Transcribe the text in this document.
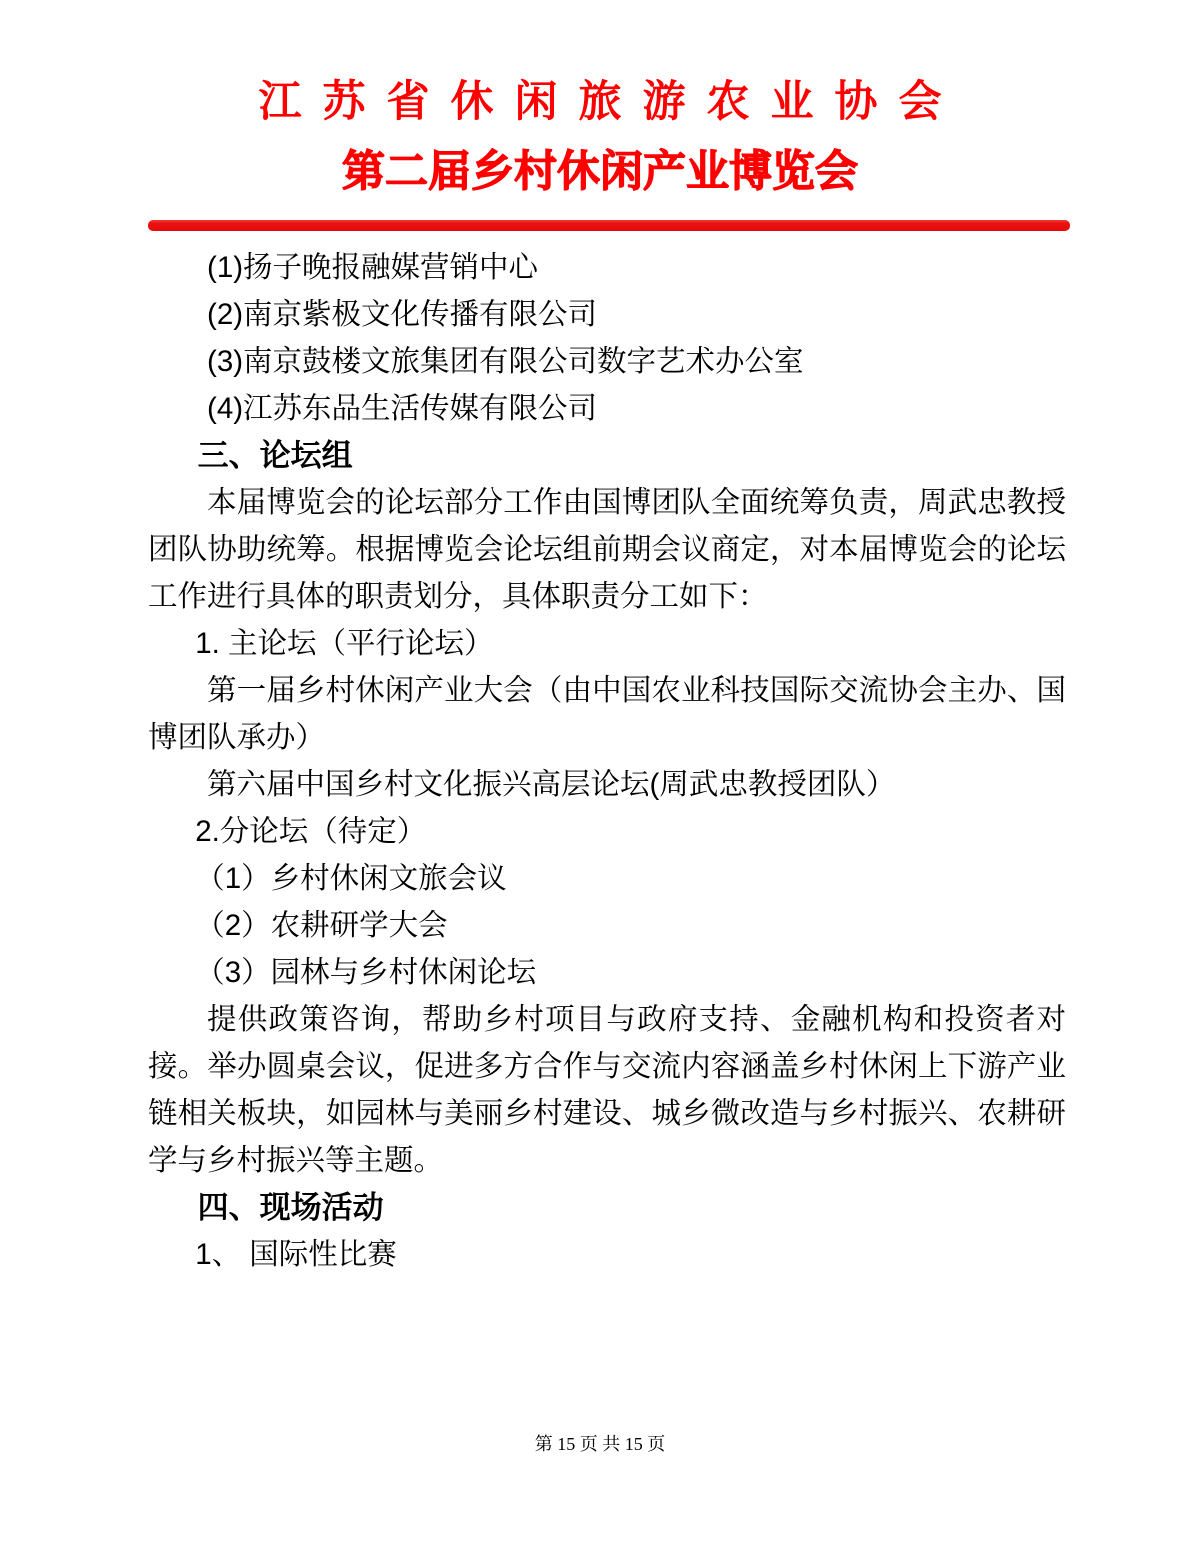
江苏省休闲旅游农业协会
第二届乡村休闲产业博览会

(1)扬子晚报融媒营销中心

(2)南京紫极文化传播有限公司

(3)南京鼓楼文旅集团有限公司数字艺术办公室

(4)江苏东品生活传媒有限公司

三、论坛组

本届博览会的论坛部分工作由国博团队全面统筹负责，周武忠教授团队协助统筹。根据博览会论坛组前期会议商定，对本届博览会的论坛工作进行具体的职责划分，具体职责分工如下：

1. 主论坛（平行论坛）

第一届乡村休闲产业大会（由中国农业科技国际交流协会主办、国博团队承办）

第六届中国乡村文化振兴高层论坛(周武忠教授团队）

2.分论坛（待定）

（1）乡村休闲文旅会议

（2）农耕研学大会

（3）园林与乡村休闲论坛

提供政策咨询，帮助乡村项目与政府支持、金融机构和投资者对接。举办圆桌会议，促进多方合作与交流内容涵盖乡村休闲上下游产业链相关板块，如园林与美丽乡村建设、城乡微改造与乡村振兴、农耕研学与乡村振兴等主题。

四、现场活动

1、 国际性比赛

第 15 页 共 15 页
